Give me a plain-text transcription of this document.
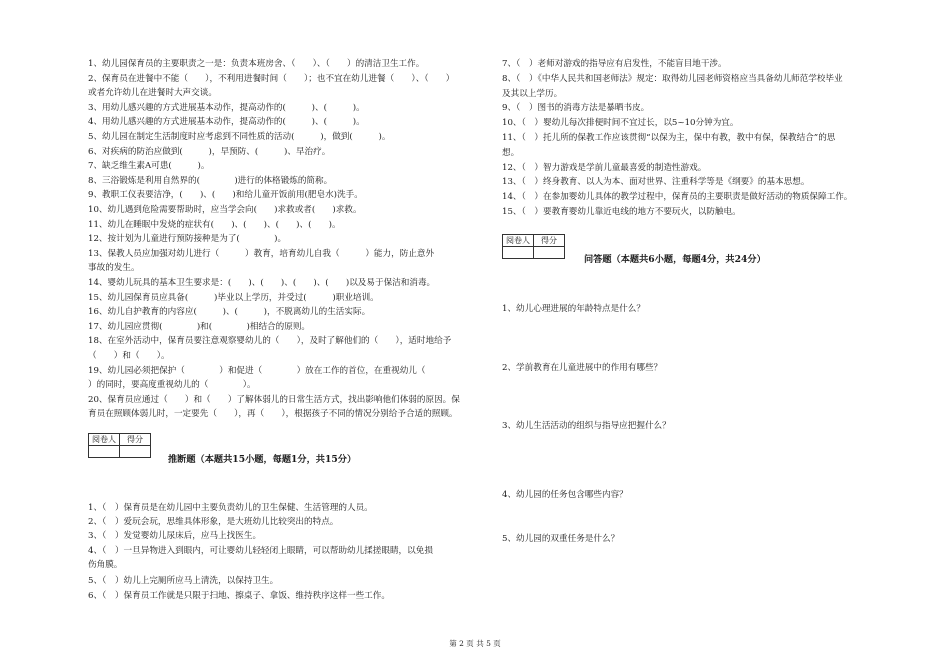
1、幼儿园保育员的主要职责之一是：负责本班房舍、（　　）、（　　）的清洁卫生工作。
2、保育员在进餐中不能（　　），不利用进餐时间（　　）；也不宜在幼儿进餐（　　）、（　　）
或者允许幼儿在进餐时大声交谈。
3、用幼儿感兴趣的方式进展基本动作，提高动作的(　　　)、(　　　)。
4、用幼儿感兴趣的方式进展基本动作，提高动作的(　　　)、(　　　)。
5、幼儿园在制定生活制度时应考虑到不同性质的活动(　　　)，做到(　　　)。
6、对疾病的防治应做到(　　　)，早预防、(　　　)、早治疗。
7、缺乏维生素A可患(　　　)。
8、三浴锻炼是利用自然界的(　　　　)进行的体格锻炼的简称。
9、教职工仪表要洁净，(　　)、(　　)和给儿童开饭前用(肥皂水)洗手。
10、幼儿遇到危险需要帮助时，应当学会向(　　)求救或者(　　)求救。
11、幼儿在睡眠中发烧的症状有(　　)、(　　)、(　　)、(　　)。
12、按计划为儿童进行预防接种是为了(　　　　)。
13、保教人员应加强对幼儿进行（　　　）教育，培育幼儿自我（　　　）能力，防止意外
事故的发生。
14、婴幼儿玩具的基本卫生要求是：(　　)、(　　)、(　　)、(　　)以及易于保洁和消毒。
15、幼儿园保育员应具备(　　　)毕业以上学历，并受过(　　　)职业培训。
16、幼儿自护教育的内容应(　　　)、(　　　)，不脱离幼儿的生活实际。
17、幼儿园应贯彻(　　　　)和(　　　　)相结合的原则。
18、在室外活动中，保育员要注意观察婴幼儿的（　　），及时了解他们的（　　），适时地给予
（　　）和（　　）。
19、幼儿园必须把保护（　　　　）和促进（　　　　）放在工作的首位，在重视幼儿（
）的同时，要高度重视幼儿的（　　　　）。
20、保育员应通过（　　）和（　　）了解体弱儿的日常生活方式，找出影响他们体弱的原因。保
育员在照顾体弱儿时，一定要先（　　），再（　　），根据孩子不同的情况分别给予合适的照顾。
阅卷人	得分

推断题（本题共15小题，每题1分，共15分）
1、（　）保育员是在幼儿园中主要负责幼儿的卫生保健、生活管理的人员。
2、（　）爱玩会玩，思维具体形象，是大班幼儿比较突出的特点。
3、（　）发觉婴幼儿尿床后，应马上找医生。
4、（　）一旦异物进入到眼内，可让婴幼儿轻轻闭上眼睛，可以帮助幼儿揉搓眼睛，以免损
伤角膜。
5、（　）幼儿上完厕所应马上清洗，以保持卫生。
6、（　）保育员工作就是只限于扫地、擦桌子、拿饭、维持秩序这样一些工作。
7、（　）老师对游戏的指导应有启发性，不能盲目地干涉。
8、（　）《中华人民共和国老师法》规定：取得幼儿园老师资格应当具备幼儿师范学校毕业
及其以上学历。
9、（　）图书的消毒方法是暴晒书皮。
10、（　）婴幼儿每次排便时间不宜过长，以5~10分钟为宜。
11、（　）托儿所的保教工作应该贯彻“以保为主，保中有教，教中有保，保教结合”的思
想。
12、（　）智力游戏是学前儿童最喜爱的制造性游戏。
13、（　）终身教育、以人为本、面对世界、注重科学等是《纲要》的基本思想。
14、（　）在参加婴幼儿具体的教学过程中，保育员的主要职责是做好活动的物质保障工作。
15、（　）要教育婴幼儿靠近电线的地方不要玩火，以防触电。
阅卷人	得分

问答题（本题共6小题，每题4分，共24分）
1、幼儿心理进展的年龄特点是什么？
2、学前教育在儿童进展中的作用有哪些？
3、幼儿生活活动的组织与指导应把握什么？
4、幼儿园的任务包含哪些内容？
5、幼儿园的双重任务是什么？
第 2 页 共 5 页
